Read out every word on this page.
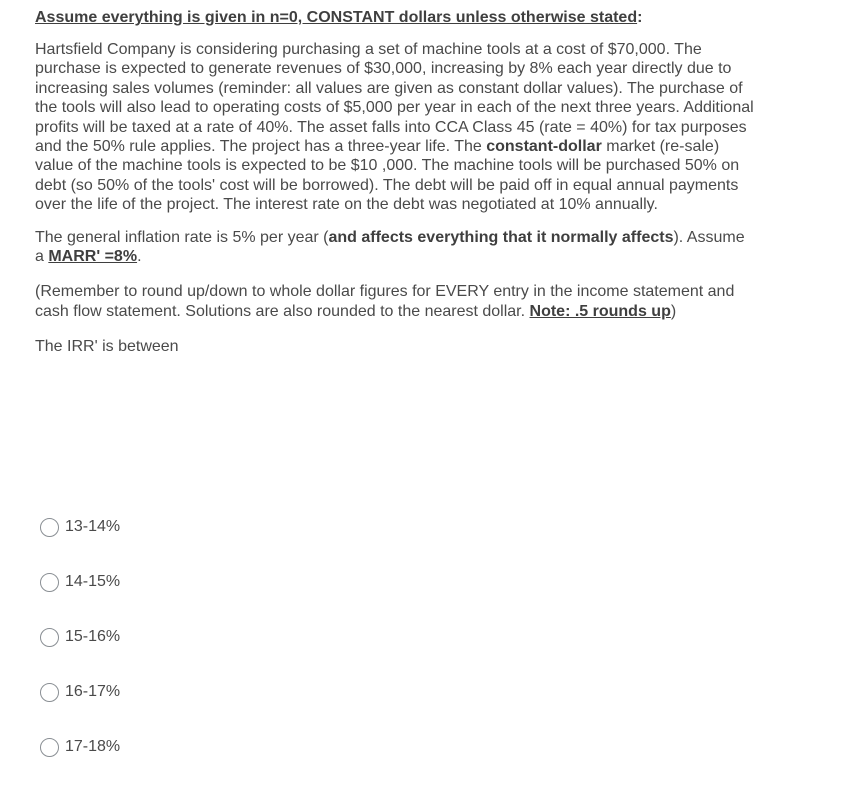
Assume everything is given in n=0, CONSTANT dollars unless otherwise stated:

Hartsfield Company is considering purchasing a set of machine tools at a cost of $70,000. The purchase is expected to generate revenues of $30,000, increasing by 8% each year directly due to increasing sales volumes (reminder: all values are given as constant dollar values). The purchase of the tools will also lead to operating costs of $5,000 per year in each of the next three years. Additional profits will be taxed at a rate of 40%. The asset falls into CCA Class 45 (rate = 40%) for tax purposes and the 50% rule applies. The project has a three-year life. The constant-dollar market (re-sale) value of the machine tools is expected to be $10 ,000. The machine tools will be purchased 50% on debt (so 50% of the tools' cost will be borrowed). The debt will be paid off in equal annual payments over the life of the project. The interest rate on the debt was negotiated at 10% annually.

The general inflation rate is 5% per year (and affects everything that it normally affects). Assume a MARR' =8%.

(Remember to round up/down to whole dollar figures for EVERY entry in the income statement and cash flow statement. Solutions are also rounded to the nearest dollar. Note: .5 rounds up)

The IRR' is between

13-14%
14-15%
15-16%
16-17%
17-18%
